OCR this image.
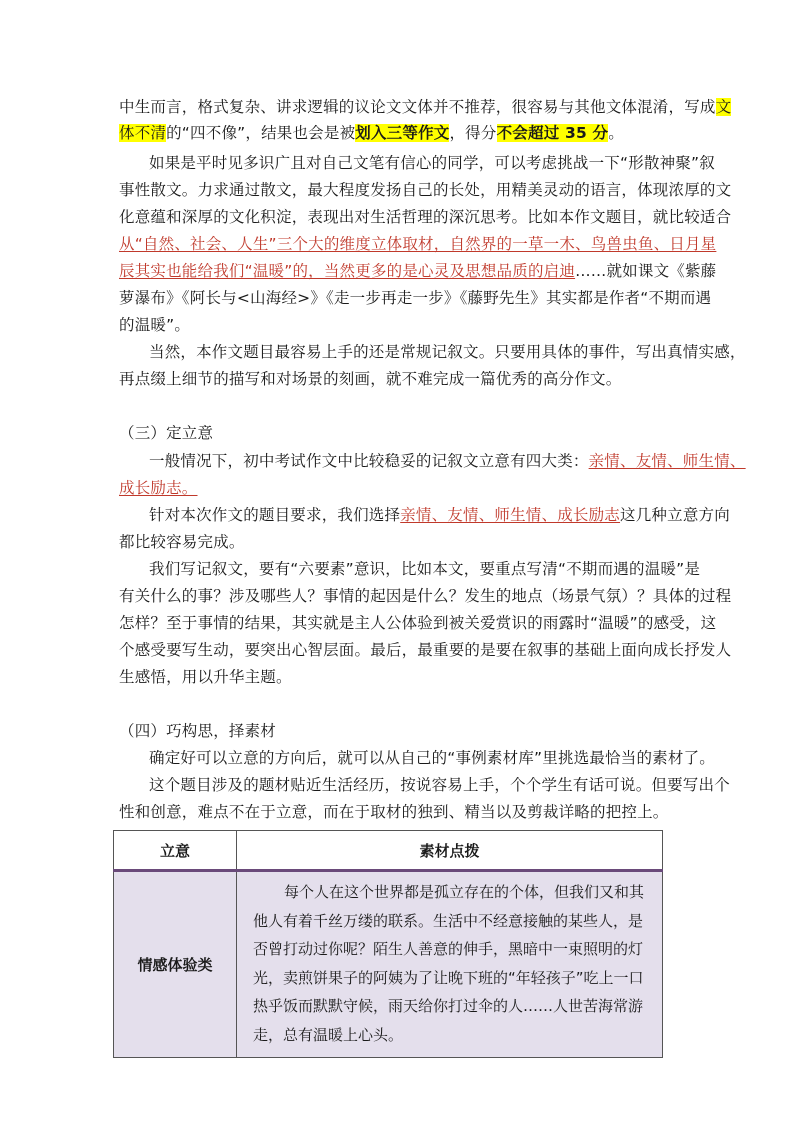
中生而言，格式复杂、讲求逻辑的议论文文体并不推荐，很容易与其他文体混淆，写成文
体不清的“四不像”，结果也会是被划入三等作文，得分不会超过 35 分。
如果是平时见多识广且对自己文笔有信心的同学，可以考虑挑战一下“形散神聚”叙
事性散文。力求通过散文，最大程度发扬自己的长处，用精美灵动的语言，体现浓厚的文
化意蕴和深厚的文化积淀，表现出对生活哲理的深沉思考。比如本作文题目，就比较适合
从“自然、社会、人生”三个大的维度立体取材，自然界的一草一木、鸟兽虫鱼、日月星
辰其实也能给我们“温暖”的，当然更多的是心灵及思想品质的启迪……就如课文《紫藤
萝瀑布》《阿长与<山海经>》《走一步再走一步》《藤野先生》其实都是作者“不期而遇
的温暖”。
当然，本作文题目最容易上手的还是常规记叙文。只要用具体的事件，写出真情实感，
再点缀上细节的描写和对场景的刻画，就不难完成一篇优秀的高分作文。
（三）定立意
一般情况下，初中考试作文中比较稳妥的记叙文立意有四大类：亲情、友情、师生情、
成长励志。
针对本次作文的题目要求，我们选择亲情、友情、师生情、成长励志这几种立意方向
都比较容易完成。
我们写记叙文，要有“六要素”意识，比如本文，要重点写清“不期而遇的温暖”是
有关什么的事？涉及哪些人？事情的起因是什么？发生的地点（场景气氛）？具体的过程
怎样？至于事情的结果，其实就是主人公体验到被关爱赏识的雨露时“温暖”的感受，这
个感受要写生动，要突出心智层面。最后，最重要的是要在叙事的基础上面向成长抒发人
生感悟，用以升华主题。
（四）巧构思，择素材
确定好可以立意的方向后，就可以从自己的“事例素材库”里挑选最恰当的素材了。
这个题目涉及的题材贴近生活经历，按说容易上手，个个学生有话可说。但要写出个
性和创意，难点不在于立意，而在于取材的独到、精当以及剪裁详略的把控上。
立意	素材点拨
情感体验类	每个人在这个世界都是孤立存在的个体，但我们又和其他人有着千丝万缕的联系。生活中不经意接触的某些人，是否曾打动过你呢？陌生人善意的伸手，黑暗中一束照明的灯光，卖煎饼果子的阿姨为了让晚下班的“年轻孩子”吃上一口热乎饭而默默守候，雨天给你打过伞的人……人世苦海常游走，总有温暖上心头。
